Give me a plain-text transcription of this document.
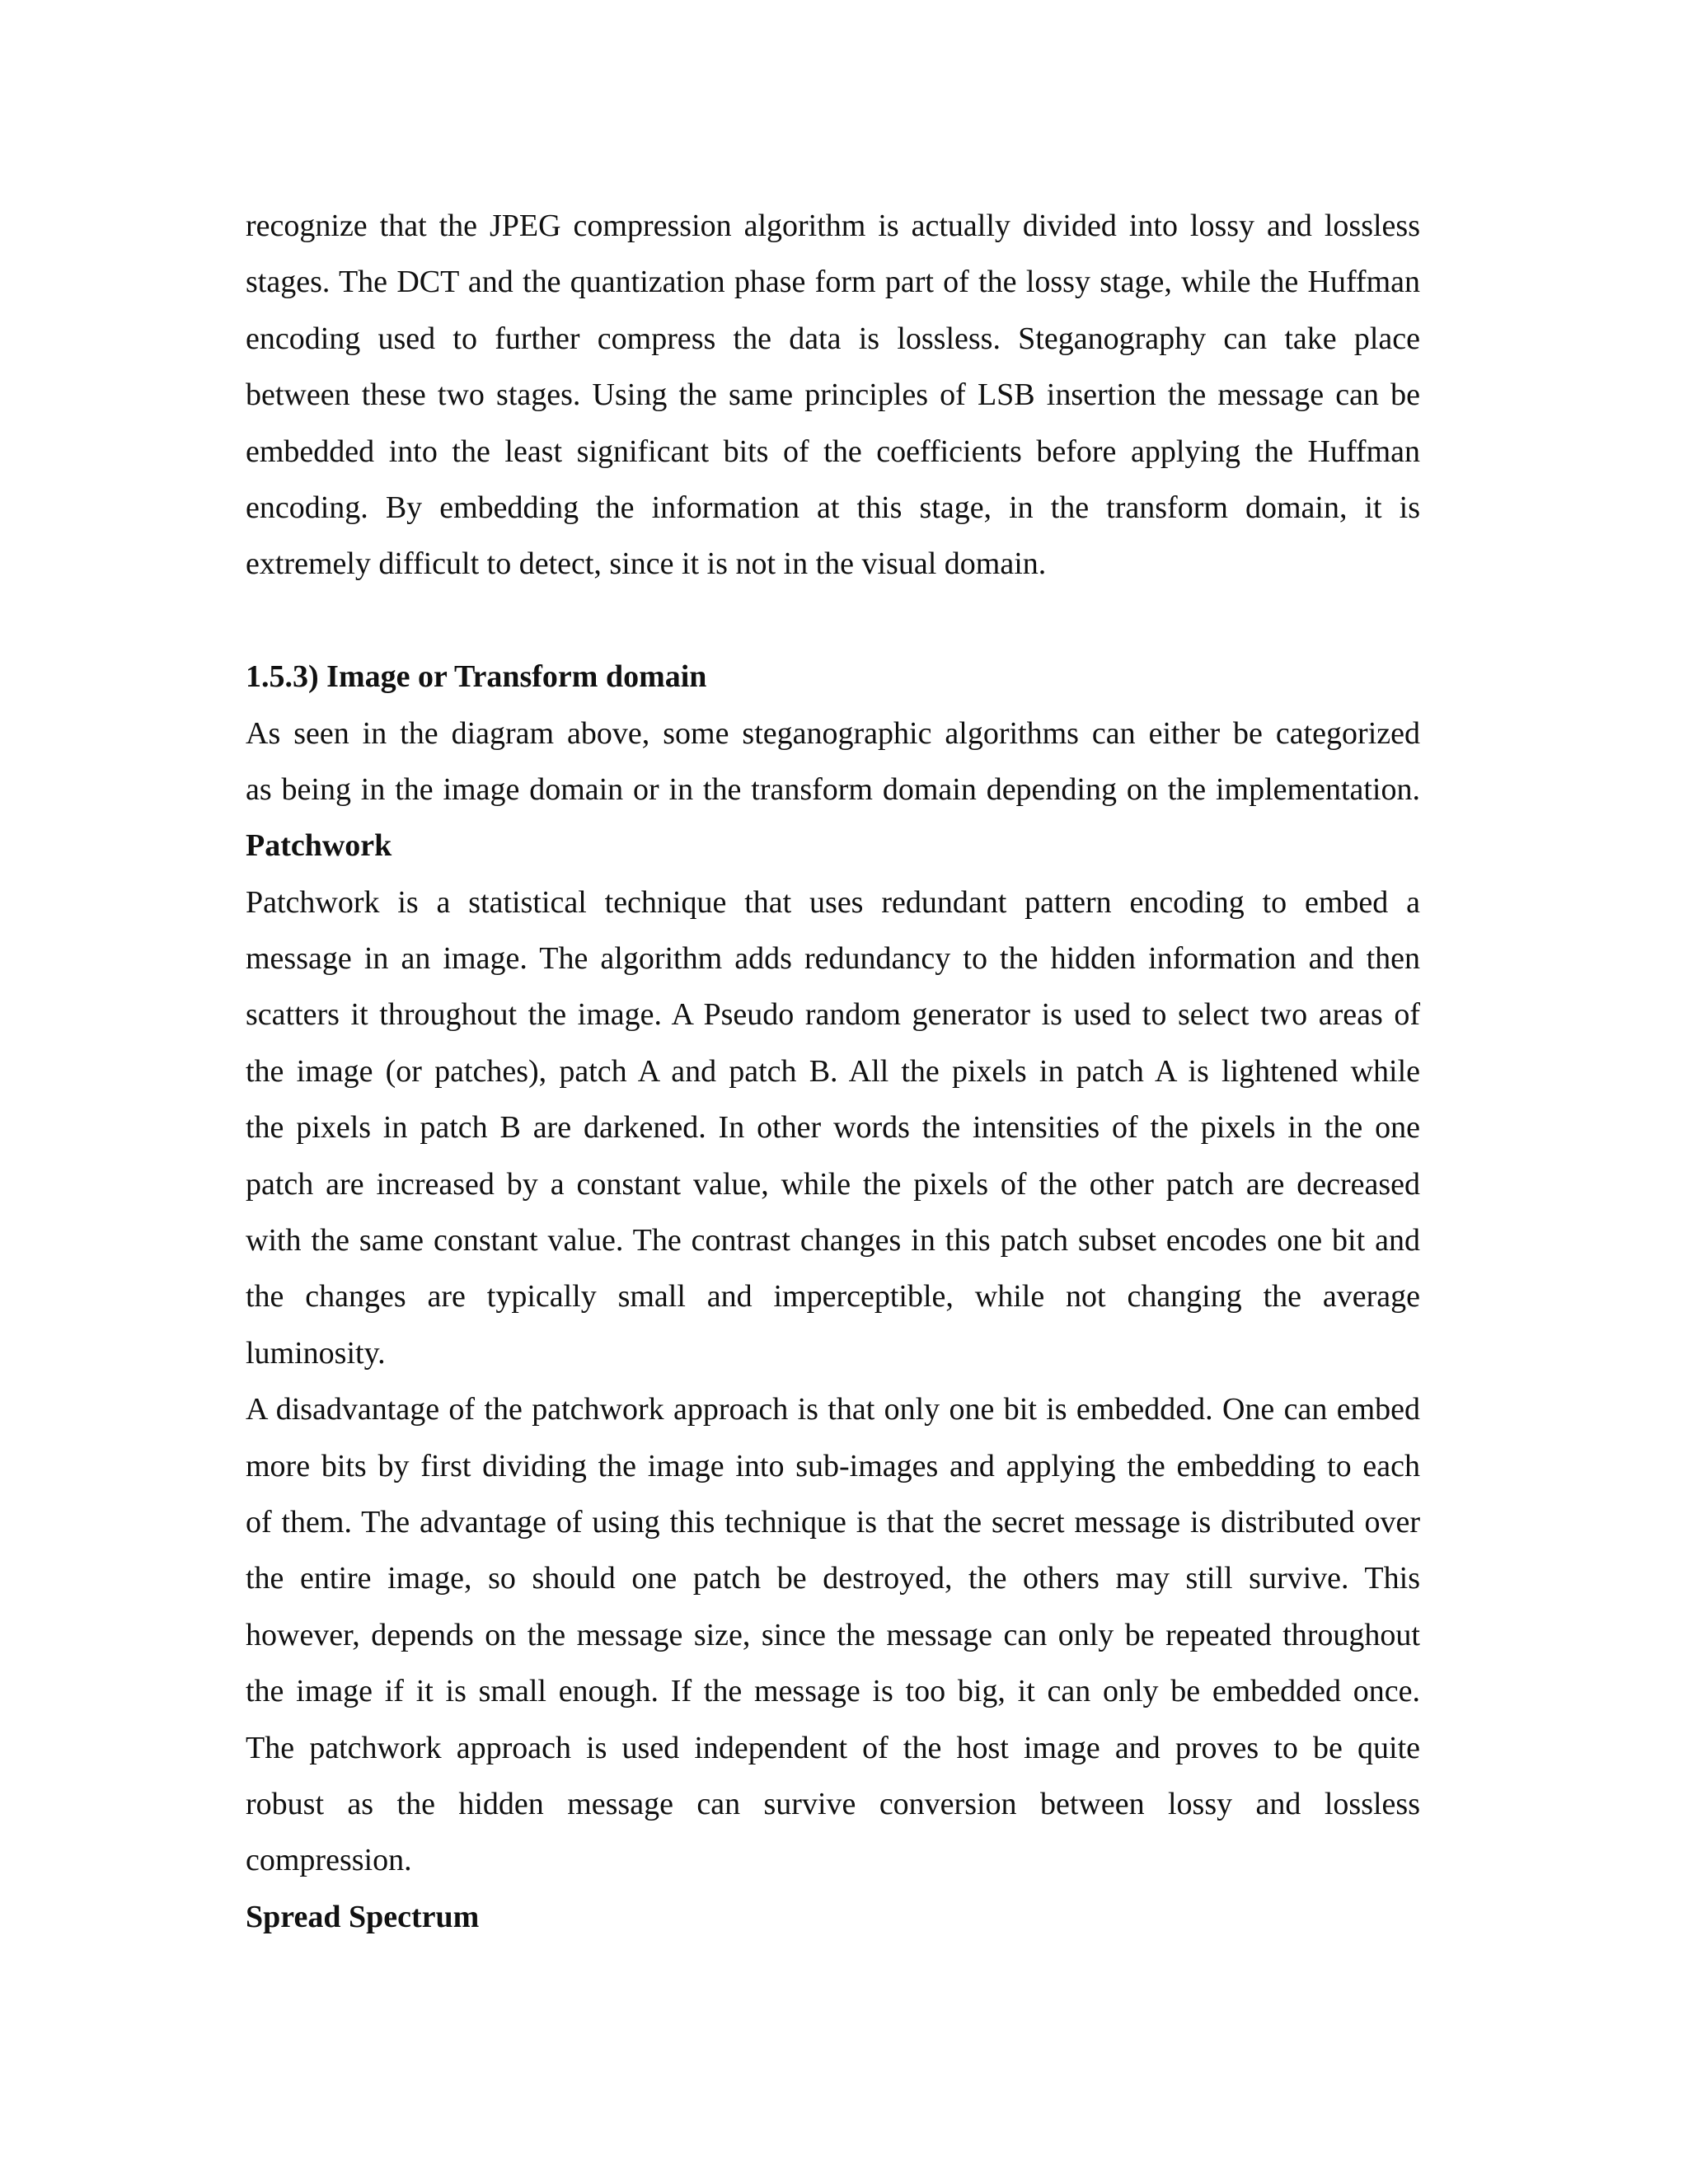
recognize that the JPEG compression algorithm is actually divided into lossy and lossless
stages. The DCT and the quantization phase form part of the lossy stage, while the Huffman
encoding used to further compress the data is lossless. Steganography can take place
between these two stages. Using the same principles of LSB insertion the message can be
embedded into the least significant bits of the coefficients before applying the Huffman
encoding. By embedding the information at this stage, in the transform domain, it is
extremely difficult to detect, since it is not in the visual domain.
1.5.3) Image or Transform domain
As seen in the diagram above, some steganographic algorithms can either be categorized
as being in the image domain or in the transform domain depending on the implementation.
Patchwork
Patchwork is a statistical technique that uses redundant pattern encoding to embed a
message in an image. The algorithm adds redundancy to the hidden information and then
scatters it throughout the image. A Pseudo random generator is used to select two areas of
the image (or patches), patch A and patch B. All the pixels in patch A is lightened while
the pixels in patch B are darkened. In other words the intensities of the pixels in the one
patch are increased by a constant value, while the pixels of the other patch are decreased
with the same constant value. The contrast changes in this patch subset encodes one bit and
the changes are typically small and imperceptible, while not changing the average
luminosity.
A disadvantage of the patchwork approach is that only one bit is embedded. One can embed
more bits by first dividing the image into sub-images and applying the embedding to each
of them. The advantage of using this technique is that the secret message is distributed over
the entire image, so should one patch be destroyed, the others may still survive. This
however, depends on the message size, since the message can only be repeated throughout
the image if it is small enough. If the message is too big, it can only be embedded once.
The patchwork approach is used independent of the host image and proves to be quite
robust as the hidden message can survive conversion between lossy and lossless
compression.
Spread Spectrum
